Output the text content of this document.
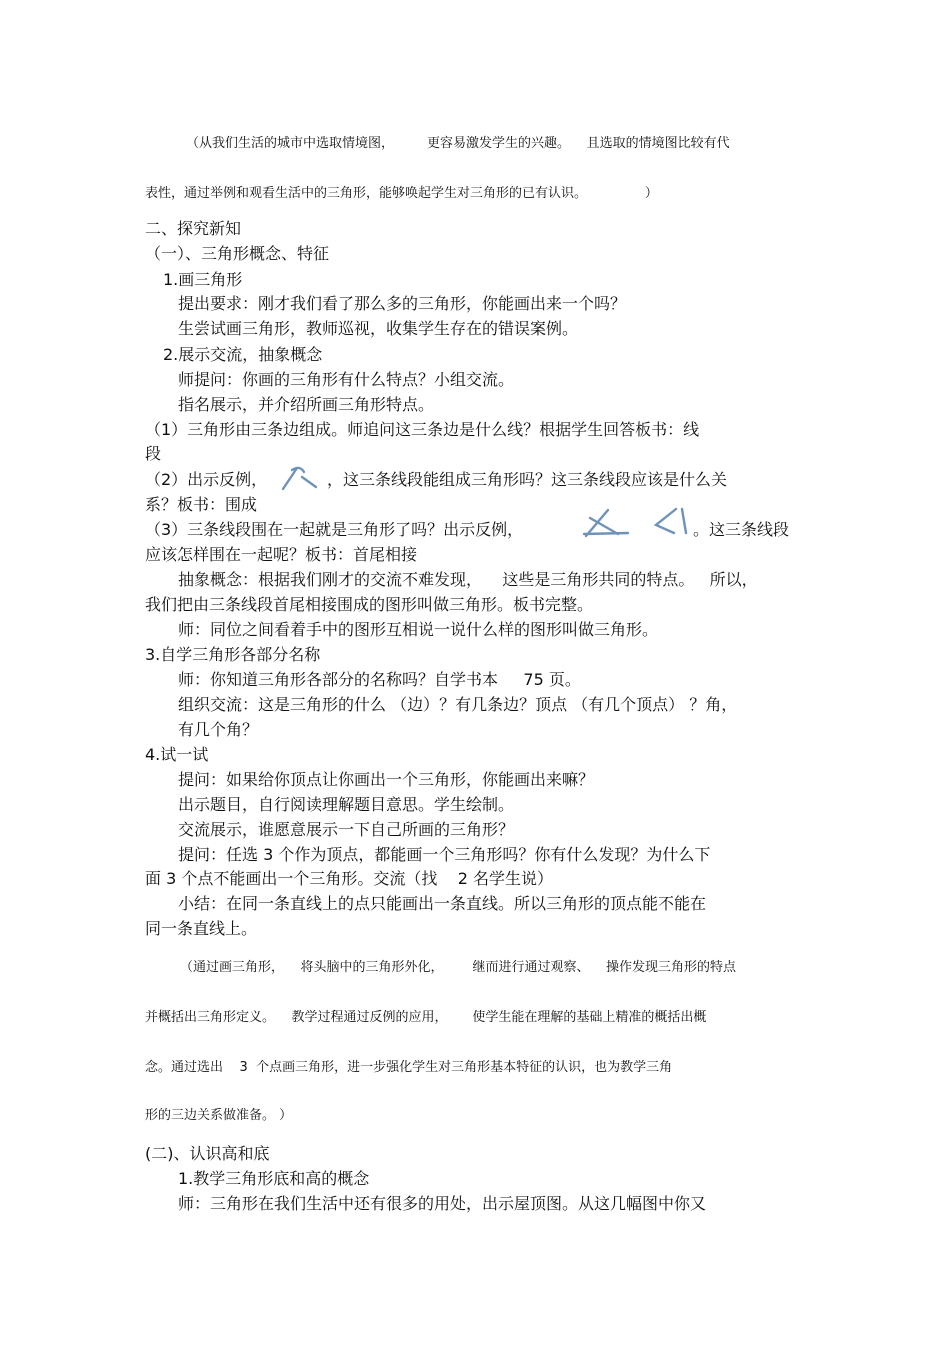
（从我们生活的城市中选取情境图，        更容易激发学生的兴趣。    且选取的情境图比较有代
表性，通过举例和观看生活中的三角形，能够唤起学生对三角形的已有认识。              ）
二、探究新知
（一）、三角形概念、特征
1.画三角形
提出要求：刚才我们看了那么多的三角形，你能画出来一个吗？
生尝试画三角形，教师巡视，收集学生存在的错误案例。
2.展示交流，抽象概念
师提问：你画的三角形有什么特点？小组交流。
指名展示，并介绍所画三角形特点。
（1）三角形由三条边组成。师追问这三条边是什么线？根据学生回答板书：线
段
（2）出示反例，	，这三条线段能组成三角形吗？这三条线段应该是什么关
系？板书：围成
（3）三条线段围在一起就是三角形了吗？出示反例，	。这三条线段
应该怎样围在一起呢？板书：首尾相接
抽象概念：根据我们刚才的交流不难发现，    这些是三角形共同的特点。   所以，
我们把由三条线段首尾相接围成的图形叫做三角形。板书完整。
师：同位之间看着手中的图形互相说一说什么样的图形叫做三角形。
3.自学三角形各部分名称
师：你知道三角形各部分的名称吗？自学书本     75 页。
组织交流：这是三角形的什么 （边）？有几条边？顶点 （有几个顶点） ？角，
有几个角？
4.试一试
提问：如果给你顶点让你画出一个三角形，你能画出来嘛？
出示题目，自行阅读理解题目意思。学生绘制。
交流展示，谁愿意展示一下自己所画的三角形？
提问：任选 3 个作为顶点，都能画一个三角形吗？你有什么发现？为什么下
面 3 个点不能画出一个三角形。交流（找    2 名学生说）
小结：在同一条直线上的点只能画出一条直线。所以三角形的顶点能不能在
同一条直线上。
（通过画三角形，    将头脑中的三角形外化，       继而进行通过观察、    操作发现三角形的特点
并概括出三角形定义。    教学过程通过反例的应用，      使学生能在理解的基础上精准的概括出概
念。通过选出    3  个点画三角形，进一步强化学生对三角形基本特征的认识，也为教学三角
形的三边关系做准备。 ）
(二)、认识高和底
1.教学三角形底和高的概念
师：三角形在我们生活中还有很多的用处，出示屋顶图。从这几幅图中你又
